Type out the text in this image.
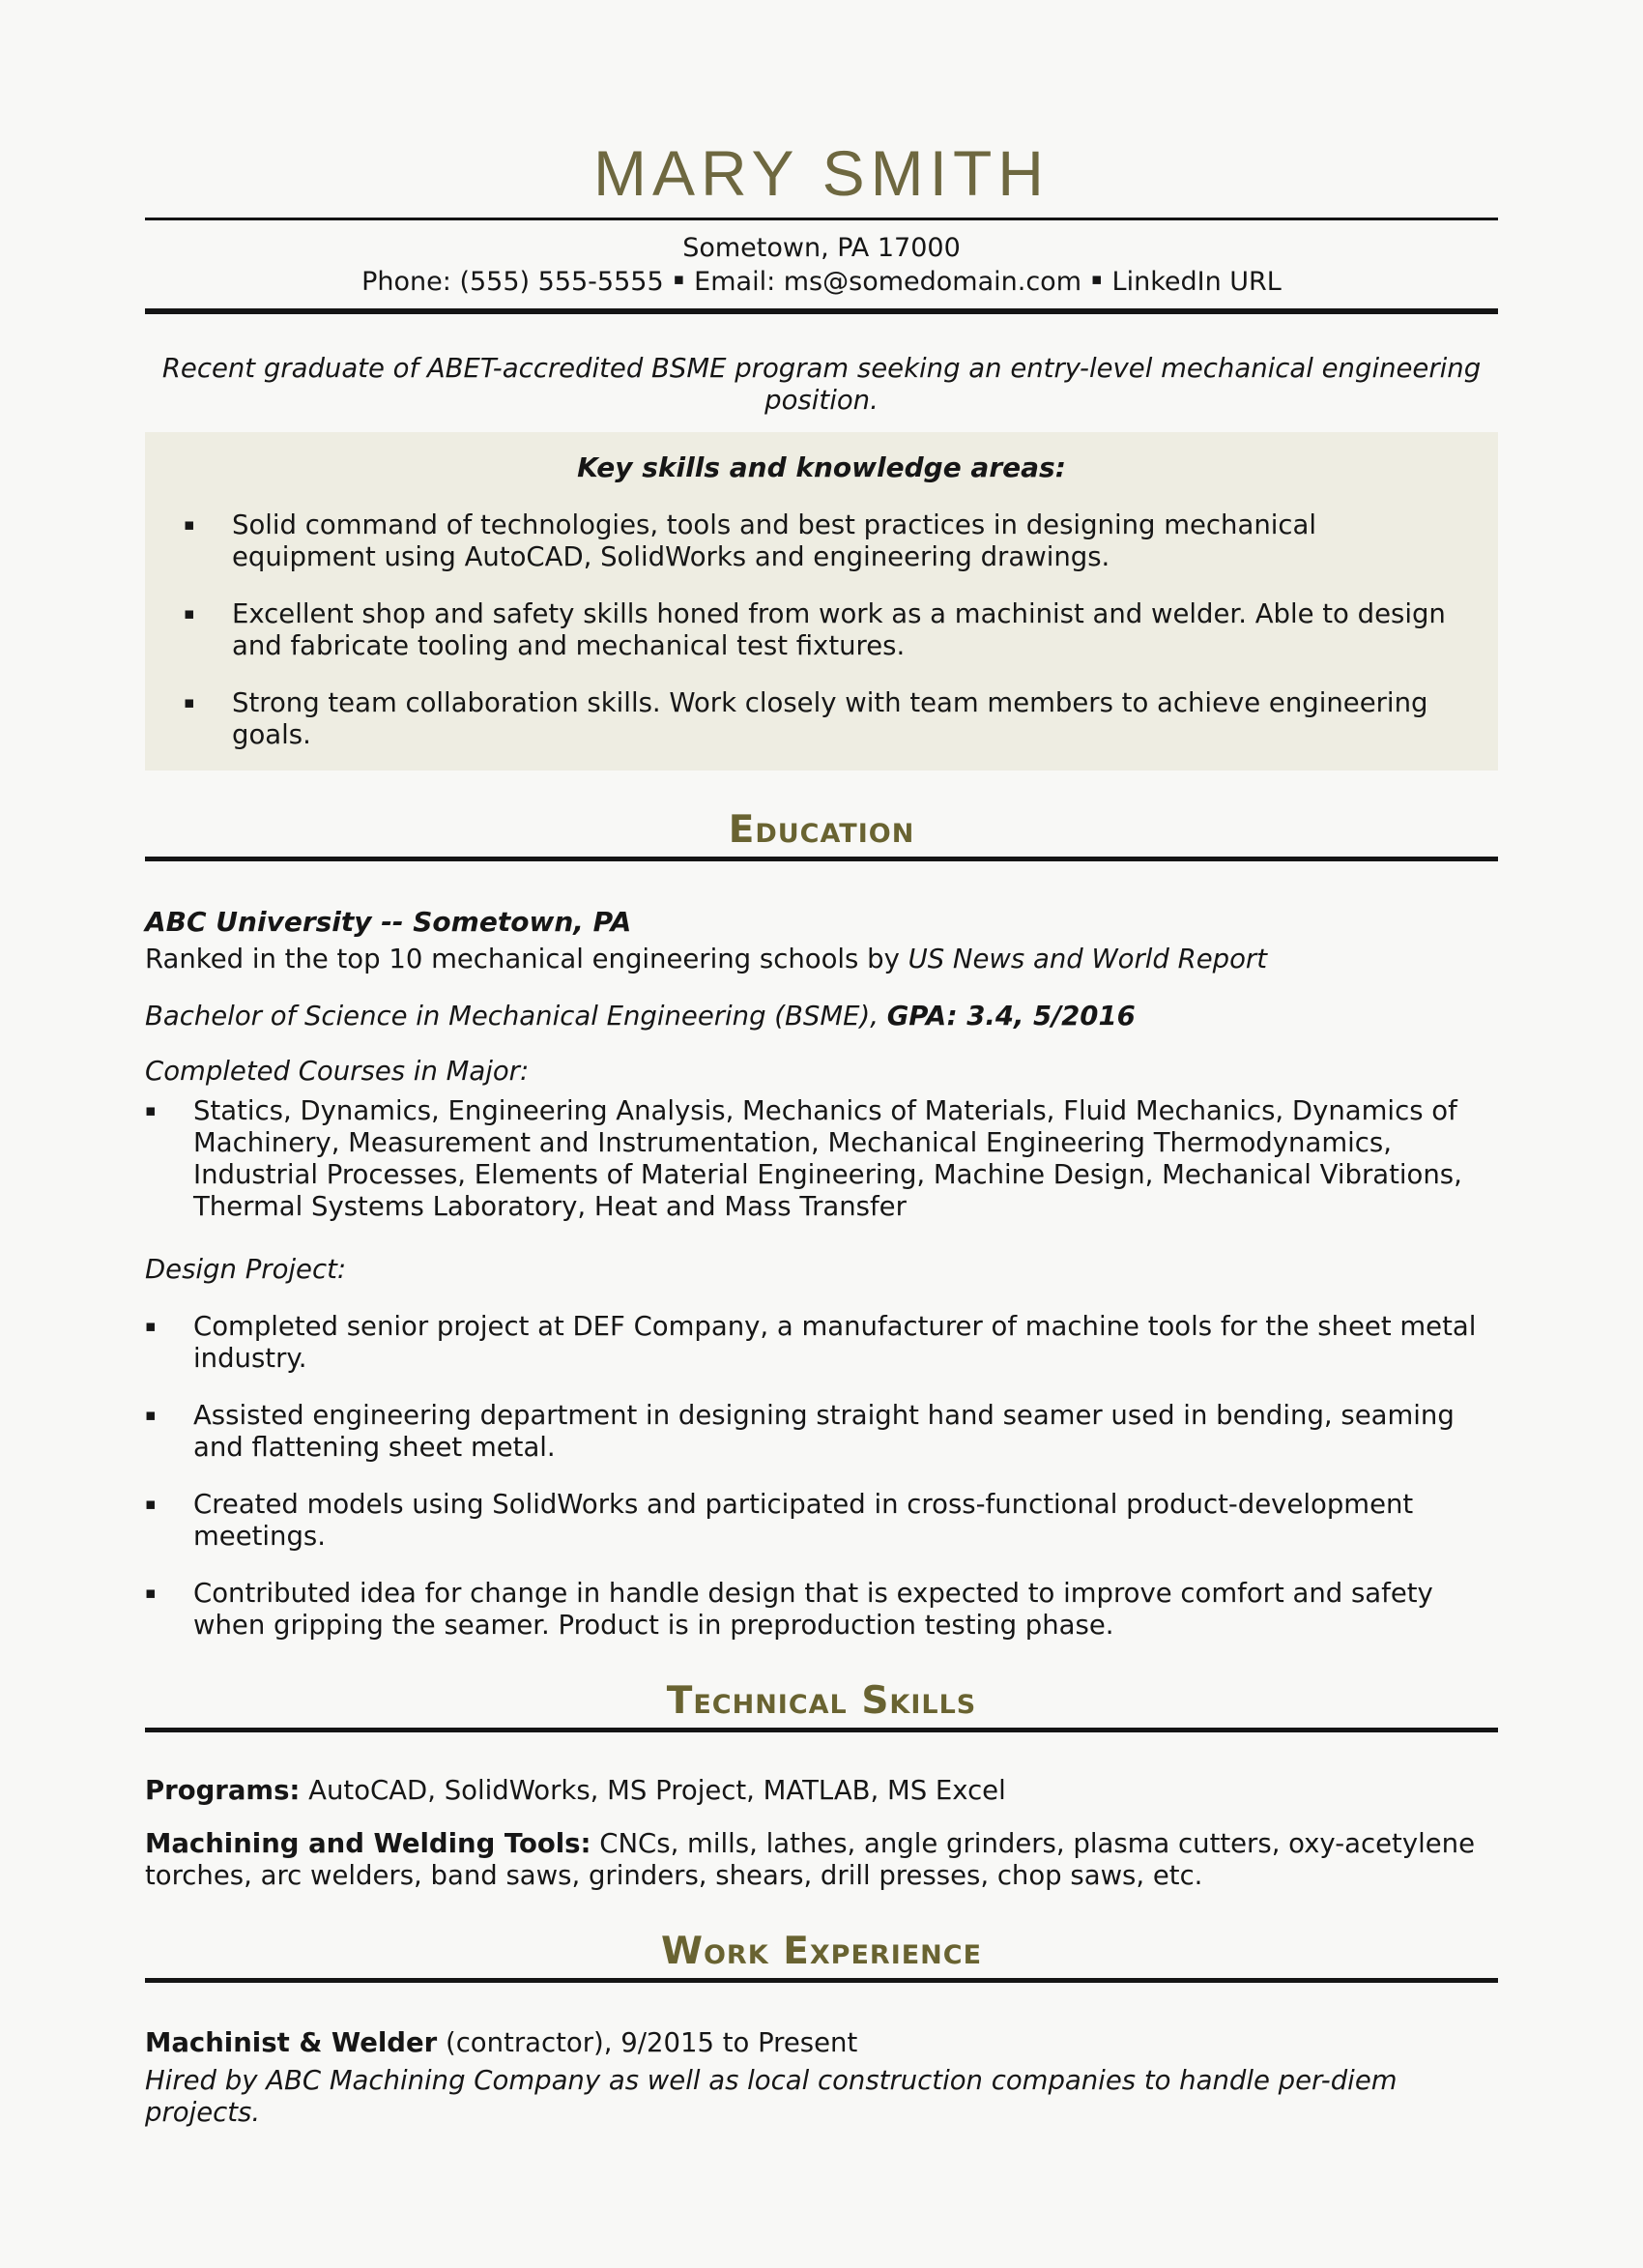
MARY SMITH
Sometown, PA 17000
Phone: (555) 555-5555 ▪ Email: ms@somedomain.com ▪ LinkedIn URL

Recent graduate of ABET-accredited BSME program seeking an entry-level mechanical engineering position.

Key skills and knowledge areas:
▪	Solid command of technologies, tools and best practices in designing mechanical equipment using AutoCAD, SolidWorks and engineering drawings.
▪	Excellent shop and safety skills honed from work as a machinist and welder. Able to design and fabricate tooling and mechanical test fixtures.
▪	Strong team collaboration skills. Work closely with team members to achieve engineering goals.
Education

ABC University -- Sometown, PA

Ranked in the top 10 mechanical engineering schools by US News and World Report

Bachelor of Science in Mechanical Engineering (BSME), GPA: 3.4, 5/2016

Completed Courses in Major:

▪	Statics, Dynamics, Engineering Analysis, Mechanics of Materials, Fluid Mechanics, Dynamics of Machinery, Measurement and Instrumentation, Mechanical Engineering Thermodynamics, Industrial Processes, Elements of Material Engineering, Machine Design, Mechanical Vibrations, Thermal Systems Laboratory, Heat and Mass Transfer

Design Project:

▪	Completed senior project at DEF Company, a manufacturer of machine tools for the sheet metal industry.
▪	Assisted engineering department in designing straight hand seamer used in bending, seaming and flattening sheet metal.
▪	Created models using SolidWorks and participated in cross-functional product-development meetings.
▪	Contributed idea for change in handle design that is expected to improve comfort and safety when gripping the seamer. Product is in preproduction testing phase.
Technical Skills

Programs: AutoCAD, SolidWorks, MS Project, MATLAB, MS Excel

Machining and Welding Tools: CNCs, mills, lathes, angle grinders, plasma cutters, oxy-acetylene torches, arc welders, band saws, grinders, shears, drill presses, chop saws, etc.

Work Experience

Machinist & Welder (contractor), 9/2015 to Present

Hired by ABC Machining Company as well as local construction companies to handle per-diem projects.
